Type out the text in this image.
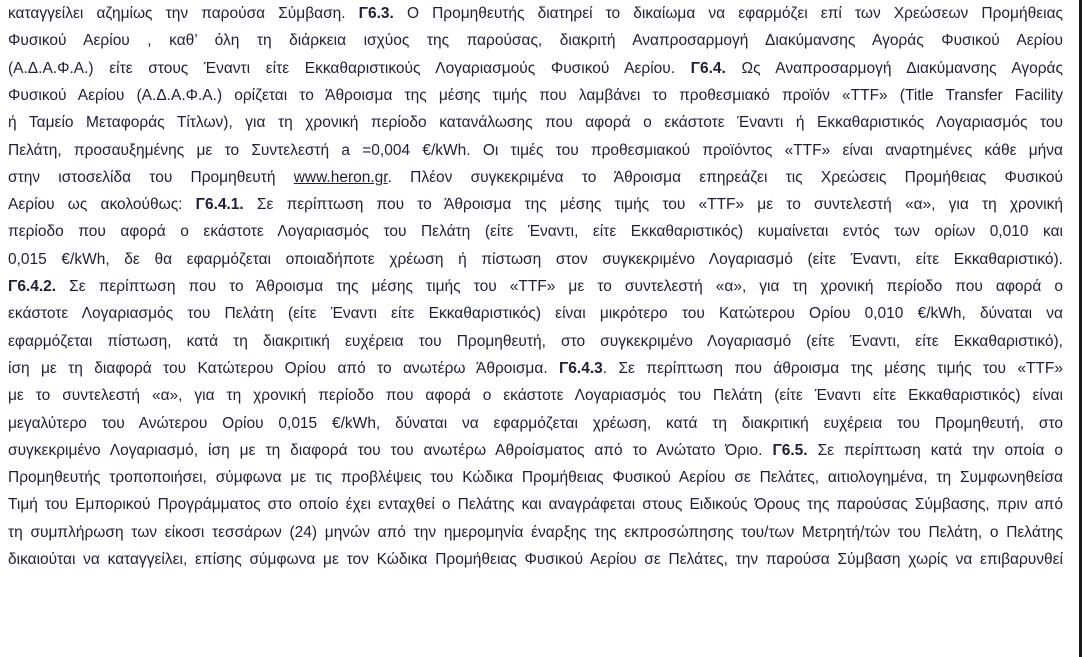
καταγγείλει αζημίως την παρούσα Σύμβαση. Γ6.3. Ο Προμηθευτής διατηρεί το δικαίωμα να εφαρμόζει επί των Χρεώσεων Προμήθειας
Φυσικού Αερίου , καθ’ όλη τη διάρκεια ισχύος της παρούσας, διακριτή Αναπροσαρμογή Διακύμανσης Αγοράς Φυσικού Αερίου
(Α.Δ.Α.Φ.Α.) είτε στους Έναντι είτε Εκκαθαριστικούς Λογαριασμούς Φυσικού Αερίου. Γ6.4. Ως Αναπροσαρμογή Διακύμανσης Αγοράς
Φυσικού Αερίου (Α.Δ.Α.Φ.Α.) ορίζεται το Άθροισμα της μέσης τιμής που λαμβάνει το προθεσμιακό προϊόν «TTF» (Title Transfer Facility
ή Ταμείο Μεταφοράς Τίτλων), για τη χρονική περίοδο κατανάλωσης που αφορά ο εκάστοτε Έναντι ή Εκκαθαριστικός Λογαριασμός του
Πελάτη, προσαυξημένης με το Συντελεστή a =0,004 €/kWh. Οι τιμές του προθεσμιακού προϊόντος «TTF» είναι αναρτημένες κάθε μήνα
στην ιστοσελίδα του Προμηθευτή www.heron.gr. Πλέον συγκεκριμένα το Άθροισμα επηρεάζει τις Χρεώσεις Προμήθειας Φυσικού
Αερίου ως ακολούθως: Γ6.4.1. Σε περίπτωση που το Άθροισμα της μέσης τιμής του «TTF» με το συντελεστή «α», για τη χρονική
περίοδο που αφορά ο εκάστοτε Λογαριασμός του Πελάτη (είτε Έναντι, είτε Εκκαθαριστικός) κυμαίνεται εντός των ορίων 0,010 και
0,015 €/kWh, δε θα εφαρμόζεται οποιαδήποτε χρέωση ή πίστωση στον συγκεκριμένο Λογαριασμό (είτε Έναντι, είτε Εκκαθαριστικό).
Γ6.4.2. Σε περίπτωση που το Άθροισμα της μέσης τιμής του «TTF» με το συντελεστή «α», για τη χρονική περίοδο που αφορά ο
εκάστοτε Λογαριασμός του Πελάτη (είτε Έναντι είτε Εκκαθαριστικός) είναι μικρότερο του Κατώτερου Ορίου 0,010 €/kWh, δύναται να
εφαρμόζεται πίστωση, κατά τη διακριτική ευχέρεια του Προμηθευτή, στο συγκεκριμένο Λογαριασμό (είτε Έναντι, είτε Εκκαθαριστικό),
ίση με τη διαφορά του Κατώτερου Ορίου από το ανωτέρω Άθροισμα. Γ6.4.3. Σε περίπτωση που άθροισμα της μέσης τιμής του «TTF»
με το συντελεστή «α», για τη χρονική περίοδο που αφορά ο εκάστοτε Λογαριασμός του Πελάτη (είτε Έναντι είτε Εκκαθαριστικός) είναι
μεγαλύτερο του Ανώτερου Ορίου 0,015 €/kWh, δύναται να εφαρμόζεται χρέωση, κατά τη διακριτική ευχέρεια του Προμηθευτή, στο
συγκεκριμένο Λογαριασμό, ίση με τη διαφορά του του ανωτέρω Αθροίσματος από το Ανώτατο Όριο. Γ6.5. Σε περίπτωση κατά την οποία ο
Προμηθευτής τροποποιήσει, σύμφωνα με τις προβλέψεις του Κώδικα Προμήθειας Φυσικού Αερίου σε Πελάτες, αιτιολογημένα, τη Συμφωνηθείσα
Τιμή του Εμπορικού Προγράμματος στο οποίο έχει ενταχθεί ο Πελάτης και αναγράφεται στους Ειδικούς Όρους της παρούσας Σύμβασης, πριν από
τη συμπλήρωση των είκοσι τεσσάρων (24) μηνών από την ημερομηνία έναρξης της εκπροσώπησης του/των Μετρητή/τών του Πελάτη, ο Πελάτης
δικαιούται να καταγγείλει, επίσης σύμφωνα με τον Κώδικα Προμήθειας Φυσικού Αερίου σε Πελάτες, την παρούσα Σύμβαση χωρίς να επιβαρυνθεί
